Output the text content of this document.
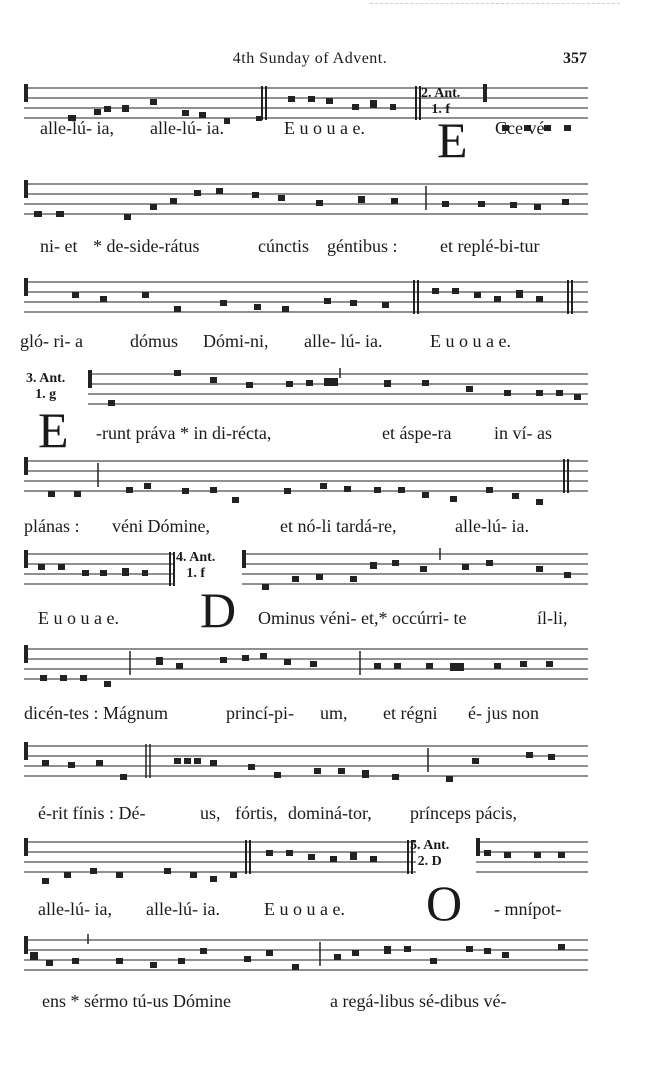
4th Sunday of Advent.	357
alle-lú- ia, alle-lú- ia.	E u o u a e.	Cce vé-
2. Ant.
1. f
E
ni- et * de-side-rátus	cúnctis géntibus : et replé-bi-tur
gló- ri- a	dómus Dómi-ni, alle- lú- ia.	E u o u a e.
3. Ant.
1. g
E -runt práva * in di-récta,	et áspe-ra in ví- as
plánas : véni Dómine,	et nó-li tardá-re,	alle-lú- ia.
4. Ant.
1. f
D
E u o u a e.	Ominus véni- et,* occúrri- te	íl-li,
dicén-tes : Mágnum	princí-pi- um, et régni é- jus non
é-rit fínis : Dé-	us, fórtis, dominá-tor, prínceps pácis,
5. Ant.
2. D
O
alle-lú- ia, alle-lú- ia. E u o u a e.	- mnípot-
ens * sérmo tú-us Dómine	a regá-libus sé-dibus vé-
